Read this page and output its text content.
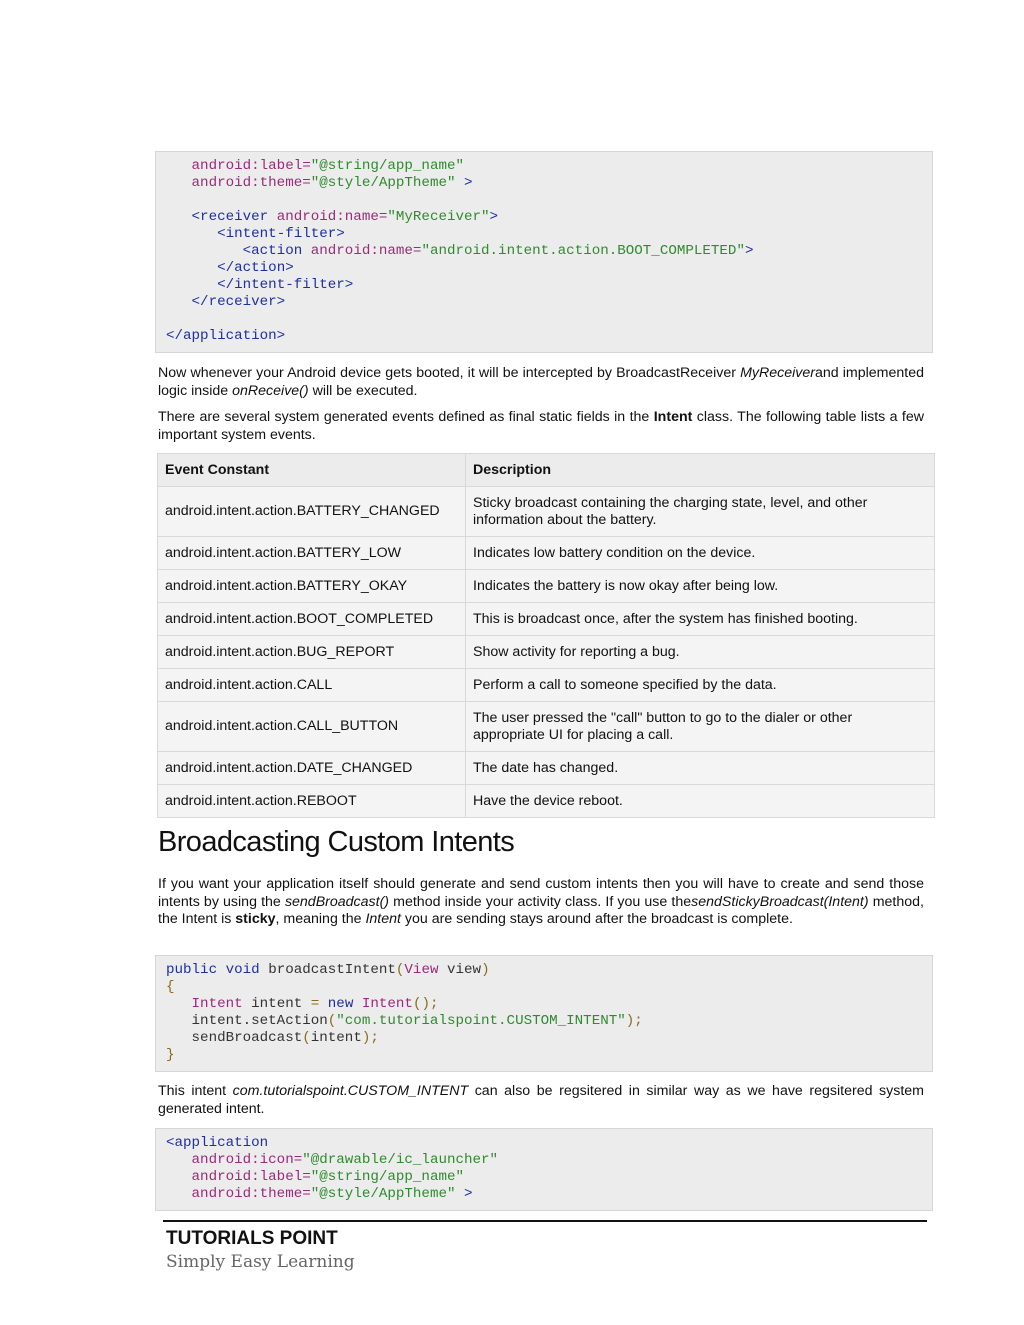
android:label="@string/app_name"
android:theme="@style/AppTheme" >
<receiver android:name="MyReceiver">
<intent-filter>
<action android:name="android.intent.action.BOOT_COMPLETED">
</action>
</intent-filter>
</receiver>
</application>

Now whenever your Android device gets booted, it will be intercepted by BroadcastReceiver MyReceiverand implemented logic inside onReceive() will be executed.

There are several system generated events defined as final static fields in the Intent class. The following table lists a few important system events.

Event Constant	Description
android.intent.action.BATTERY_CHANGED	Sticky broadcast containing the charging state, level, and other information about the battery.
android.intent.action.BATTERY_LOW	Indicates low battery condition on the device.
android.intent.action.BATTERY_OKAY	Indicates the battery is now okay after being low.
android.intent.action.BOOT_COMPLETED	This is broadcast once, after the system has finished booting.
android.intent.action.BUG_REPORT	Show activity for reporting a bug.
android.intent.action.CALL	Perform a call to someone specified by the data.
android.intent.action.CALL_BUTTON	The user pressed the "call" button to go to the dialer or other appropriate UI for placing a call.
android.intent.action.DATE_CHANGED	The date has changed.
android.intent.action.REBOOT	Have the device reboot.
Broadcasting Custom Intents

If you want your application itself should generate and send custom intents then you will have to create and send those intents by using the sendBroadcast() method inside your activity class. If you use thesendStickyBroadcast(Intent) method, the Intent is sticky, meaning the Intent you are sending stays around after the broadcast is complete.

public void broadcastIntent(View view)
{
Intent intent = new Intent();
intent.setAction("com.tutorialspoint.CUSTOM_INTENT");
sendBroadcast(intent);
}

This intent com.tutorialspoint.CUSTOM_INTENT can also be regsitered in similar way as we have regsitered system generated intent.

<application
android:icon="@drawable/ic_launcher"
android:label="@string/app_name"
android:theme="@style/AppTheme" >
TUTORIALS POINT
Simply Easy Learning
